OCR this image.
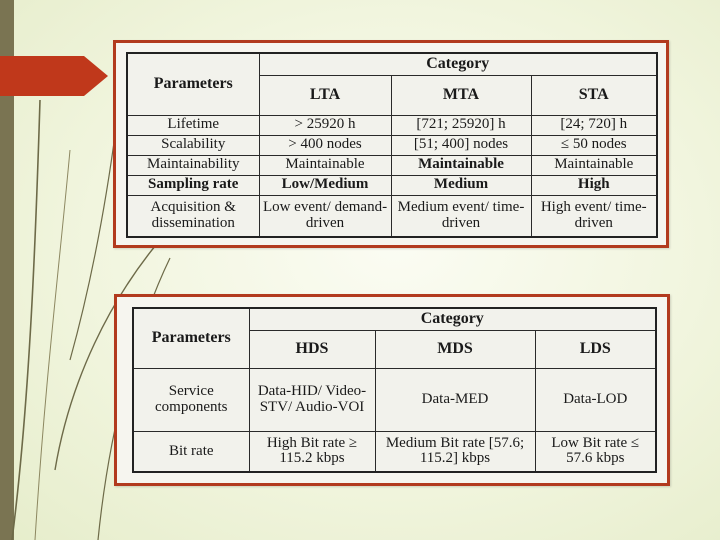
Parameters	Category		
	LTA	MTA	STA
Lifetime	> 25920 h	[721; 25920] h	[24; 720] h
Scalability	> 400 nodes	[51; 400] nodes	≤ 50 nodes
Maintainability	Maintainable	Maintainable	Maintainable
Sampling rate	Low/Medium	Medium	High
Acquisition & dissemination	Low event/ demand-driven	Medium event/ time-driven	High event/ time-driven
Parameters	Category		
	HDS	MDS	LDS
Service components	Data-HID/ Video-STV/ Audio-VOI	Data-MED	Data-LOD
Bit rate	High Bit rate ≥ 115.2 kbps	Medium Bit rate [57.6; 115.2] kbps	Low Bit rate ≤ 57.6 kbps
